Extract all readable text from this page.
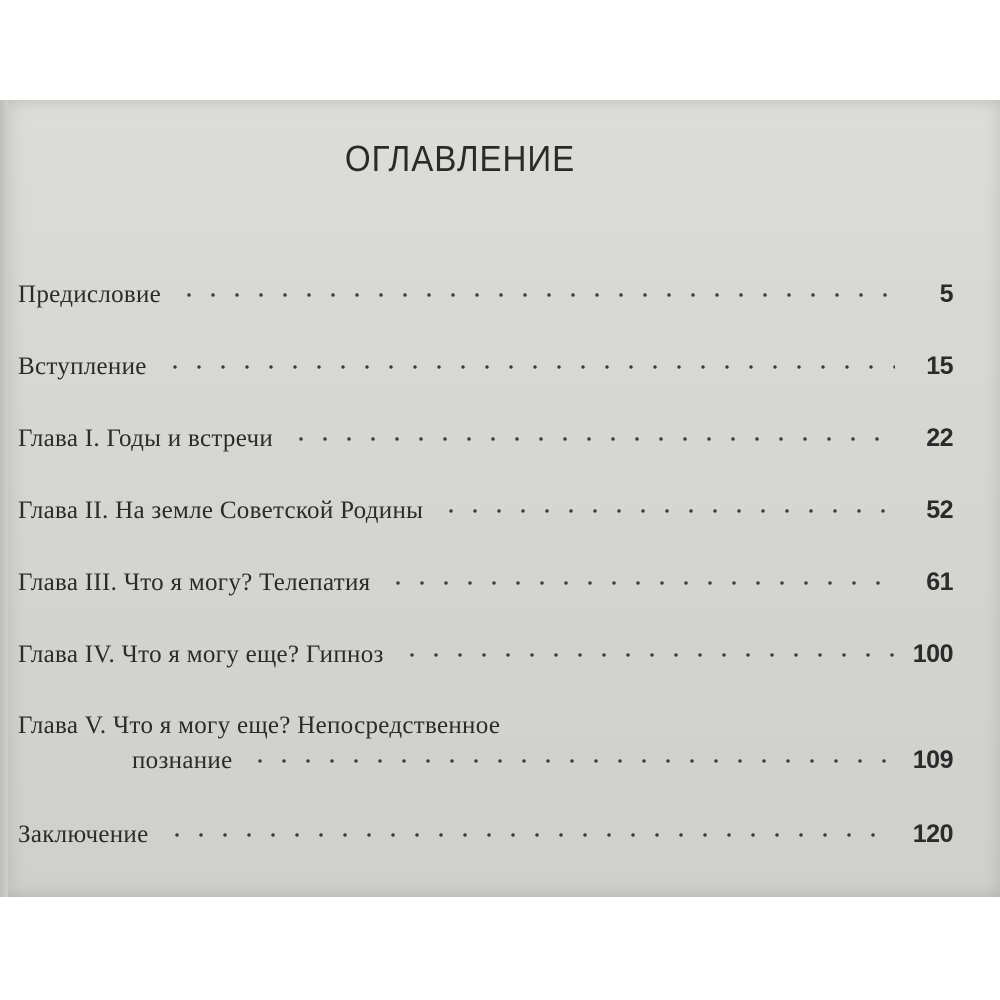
ОГЛАВЛЕНИЕ
Предисловие	5
Вступление	15
Глава I. Годы и встречи	22
Глава II. На земле Советской Родины	52
Глава III. Что я могу? Телепатия	61
Глава IV. Что я могу еще? Гипноз	100
Глава V. Что я могу еще? Непосредственное
познание	109
Заключение	120
